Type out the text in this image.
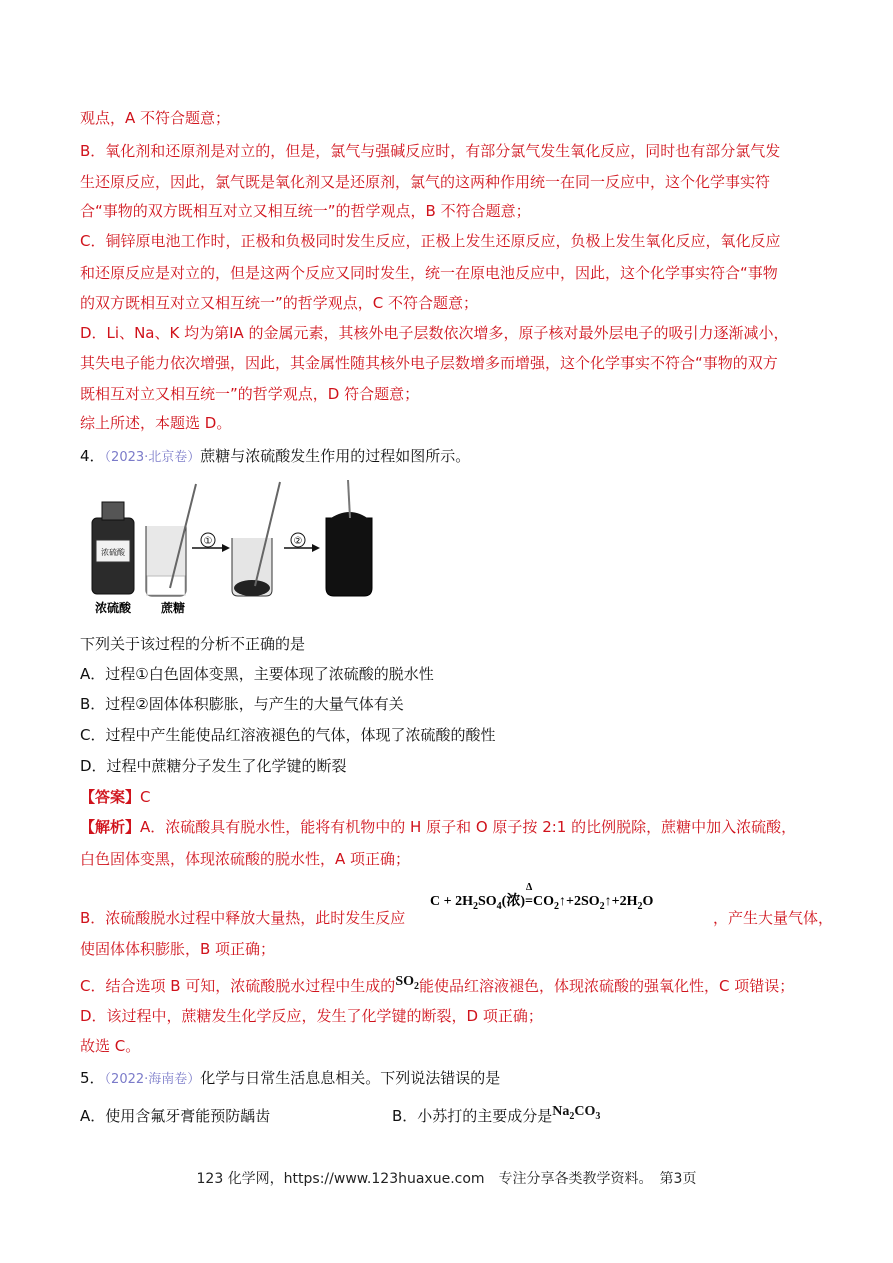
观点，A 不符合题意；
B．氧化剂和还原剂是对立的，但是，氯气与强碱反应时，有部分氯气发生氧化反应，同时也有部分氯气发
生还原反应，因此，氯气既是氧化剂又是还原剂，氯气的这两种作用统一在同一反应中，这个化学事实符
合“事物的双方既相互对立又相互统一”的哲学观点，B 不符合题意；
C．铜锌原电池工作时，正极和负极同时发生反应，正极上发生还原反应，负极上发生氧化反应，氧化反应
和还原反应是对立的，但是这两个反应又同时发生，统一在原电池反应中，因此，这个化学事实符合“事物
的双方既相互对立又相互统一”的哲学观点，C 不符合题意；
D．Li、Na、K 均为第IA 的金属元素，其核外电子层数依次增多，原子核对最外层电子的吸引力逐渐减小，
其失电子能力依次增强，因此，其金属性随其核外电子层数增多而增强，这个化学事实不符合“事物的双方
既相互对立又相互统一”的哲学观点，D 符合题意；
综上所述，本题选 D。
4．（2023·北京卷）蔗糖与浓硫酸发生作用的过程如图所示。
浓硫酸
①	②
浓硫酸 蔗糖
下列关于该过程的分析不正确的是
A．过程①白色固体变黑，主要体现了浓硫酸的脱水性
B．过程②固体体积膨胀，与产生的大量气体有关
C．过程中产生能使品红溶液褪色的气体，体现了浓硫酸的酸性
D．过程中蔗糖分子发生了化学键的断裂
【答案】C
【解析】A．浓硫酸具有脱水性，能将有机物中的 H 原子和 O 原子按 2:1 的比例脱除，蔗糖中加入浓硫酸，
白色固体变黑，体现浓硫酸的脱水性，A 项正确；
B．浓硫酸脱水过程中释放大量热，此时发生反应
$C + 2H_2SO_4$(浓)=
Δ
$CO_2↑+2SO_2↑+2H_2O$
，产生大量气体，
使固体体积膨胀，B 项正确；
C．结合选项 B 可知，浓硫酸脱水过程中生成的$SO_2$能使品红溶液褪色，体现浓硫酸的强氧化性，C 项错误；
D．该过程中，蔗糖发生化学反应，发生了化学键的断裂，D 项正确；
故选 C。
5．（2022·海南卷）化学与日常生活息息相关。下列说法错误的是
A．使用含氟牙膏能预防龋齿	B．小苏打的主要成分是$Na_2CO_3$
123 化学网，https://www.123huaxue.com　专注分享各类教学资料。　第3页
